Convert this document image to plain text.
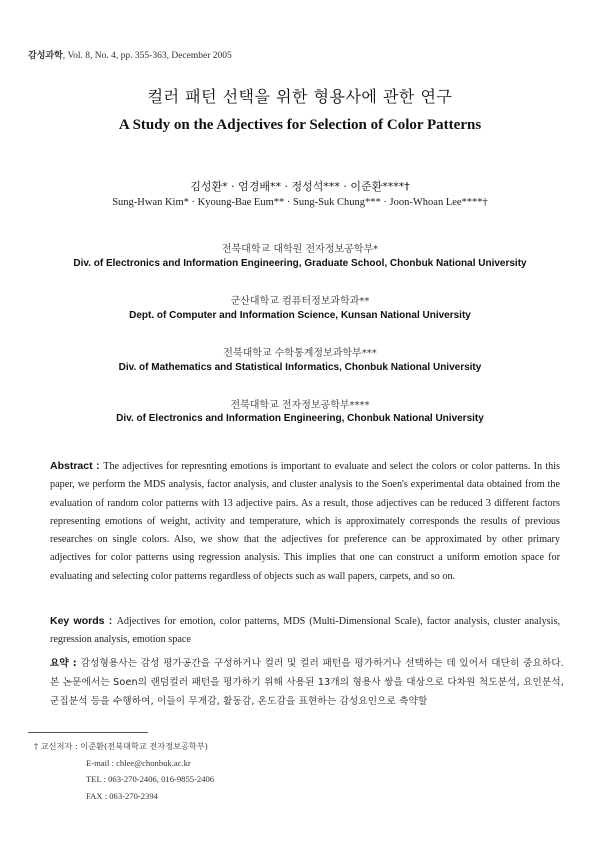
감성과학, Vol. 8, No. 4, pp. 355-363, December 2005
컬러 패턴 선택을 위한 형용사에 관한 연구
A Study on the Adjectives for Selection of Color Patterns
김성환* · 엄경배** · 정성석*** · 이준환****†
Sung-Hwan Kim* · Kyoung-Bae Eum** · Sung-Suk Chung*** · Joon-Whoan Lee****†
전북대학교 대학원 전자정보공학부*
Div. of Electronics and Information Engineering, Graduate School, Chonbuk National University
군산대학교 컴퓨터정보과학과**
Dept. of Computer and Information Science, Kunsan National University
전북대학교 수학통계정보과학부***
Div. of Mathematics and Statistical Informatics, Chonbuk National University
전북대학교 전자정보공학부****
Div. of Electronics and Information Engineering, Chonbuk National University
Abstract : The adjectives for represnting emotions is important to evaluate and select the colors or color patterns. In this paper, we perform the MDS analysis, factor analysis, and cluster analysis to the Soen's experimental data obtained from the evaluation of random color patterns with 13 adjective pairs. As a result, those adjectives can be reduced 3 different factors representing emotions of weight, activity and temperature, which is approximately corresponds the results of previous researches on single colors. Also, we show that the adjectives for preference can be approximated by other primary adjectives for color patterns using regression analysis. This implies that one can construct a uniform emotion space for evaluating and selecting color patterns regardless of objects such as wall papers, carpets, and so on.
Key words : Adjectives for emotion, color patterns, MDS (Multi-Dimensional Scale), factor analysis, cluster analysis, regression analysis, emotion space
요약 : 감성형용사는 감성 평가공간을 구성하거나 컬러 및 컬러 패턴을 평가하거나 선택하는 데 있어서 대단히 중요하다. 본 논문에서는 Soen의 랜덤컬러 패턴을 평가하기 위해 사용된 13개의 형용사 쌍을 대상으로 다차원 척도분석, 요인분석, 군집분석 등을 수행하여, 이들이 무게감, 활동감, 온도감을 표현하는 감성요인으로 축약할
† 교신저자 : 이준환(전북대학교 전자정보공학부)
E-mail : chlee@chonbuk.ac.kr
TEL : 063-270-2406, 016-9855-2406
FAX : 063-270-2394
